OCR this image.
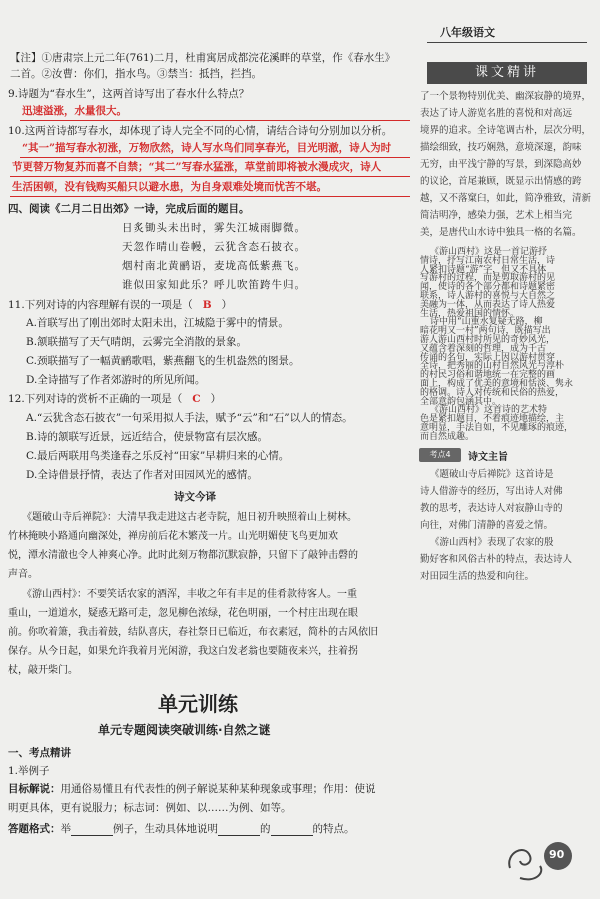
八年级语文
课文精讲
【注】①唐肃宗上元二年(761)二月，杜甫寓居成都浣花溪畔的草堂，作《春水生》
二首。②汝曹：你们，指水鸟。③禁当：抵挡，拦挡。
9.诗题为“春水生”，这两首诗写出了春水什么特点？
迅速溢涨，水量很大。
10.这两首诗都写春水，却体现了诗人完全不同的心情，请结合诗句分别加以分析。
“其一”描写春水初涨，万物欣然，诗人写水鸟们同享春光，目光明澈，诗人为时
节更替万物复苏而喜不自禁；“其二”写春水猛涨，草堂前即将被水漫成灾，诗人
生活困顿，没有钱购买船只以避水患，为自身艰难处境而忧苦不堪。
四、阅读《二月二日出郊》一诗，完成后面的题目。
日炙锄头未出时，雾失江城雨脚微。
天忽作晴山卷幔，云犹含态石披衣。
烟村南北黄鹂语，麦垅高低紫燕飞。
谁似田家知此乐？呼儿吹笛跨牛归。
11.下列对诗的内容理解有误的一项是（ B ）
A.首联写出了刚出郊时太阳未出，江城隐于雾中的情景。
B.颔联描写了天气晴朗，云雾完全消散的景象。
C.颈联描写了一幅黄鹂歌唱，紫燕翻飞的生机盎然的图景。
D.全诗描写了作者郊游时的所见所闻。
12.下列对诗的赏析不正确的一项是（ C ）
A.“云犹含态石披衣”一句采用拟人手法，赋予“云”和“石”以人的情态。
B.诗的颔联写近景，远近结合，使景物富有层次感。
C.最后两联用鸟类逢春之乐反衬“田家”早耕归来的心情。
D.全诗借景抒情，表达了作者对田园风光的感情。
诗文今译
《题破山寺后禅院》：大清早我走进这古老寺院，旭日初升映照着山上树林。
竹林掩映小路通向幽深处，禅房前后花木繁茂一片。山光明媚使飞鸟更加欢
悦，潭水清澈也令人神爽心净。此时此刻万物都沉默寂静，只留下了敲钟击磬的
声音。
《游山西村》：不要笑话农家的酒浑，丰收之年有丰足的佳肴款待客人。一重
重山，一道道水，疑惑无路可走，忽见柳色浓绿，花色明丽，一个村庄出现在眼
前。你吹着箫，我击着鼓，结队喜庆，春社祭日已临近，布衣素冠，简朴的古风依旧
保存。从今日起，如果允许我着月光闲游，我这白发老翁也要随夜来兴，拄着拐
杖，敲开柴门。
单元训练
单元专题阅读突破训练·自然之谜
一、考点精讲
1.举例子
目标解说：用通俗易懂且有代表性的例子解说某种某种现象或事理；作用：使说
明更具体，更有说服力；标志词：例如、以……为例、如等。
答题格式：举	例子，生动具体地说明	的	的特点。
了一个景物特别优美、幽深寂静的境界，
表达了诗人游览名胜的喜悦和对高远
境界的追求。全诗笔调古朴，层次分明，
描绘细致，技巧娴熟，意境深邃，韵味
无穷，由平浅宁静的写景，到深隐高妙
的议论，首尾兼顾，既显示出情感的跨
越，又不落窠臼，如此，简净雅致，清新
简洁明净，感染力强，艺术上相当完
美，是唐代山水诗中独具一格的名篇。
《游山西村》这是一首记游抒
情诗，抒写江南农村日常生活，诗
人紧扣诗题“游”字，但又不具体
写游村的过程，而是剪取游村的见
闻，使诗的各个部分都和诗题紧密
联系，诗人游村的喜悦与大自然之
美融为一体，从而表达了诗人热爱
生活，热爱祖国的情怀。
诗中用“山重水复疑无路，柳
暗花明又一村”两句诗，既描写出
游人游山西村时所见的奇妙风光，
又蕴含着深刻的哲理，成为千古
传诵的名句，实际上因以游村贯穿
全诗，把秀丽的山村自然风光与淳朴
的村民习俗和谐地统一在完整的画
面上，构成了优美的意境和恬淡、隽永
的格调。诗人对传统和民俗的热爱，
全部意韵包涵其中。
《游山西村》这首诗的艺术特
色是紧扣题目，不着痕迹地描绘，主
意明显，手法自如，不见雕琢的痕迹，
而自然成趣。
考点4	诗文主旨
《题破山寺后禅院》这首诗是
诗人借游寺的经历，写出诗人对佛
教的思考，表达诗人对寂静山寺的
向往，对佛门清静的喜爱之情。
《游山西村》表现了农家的殷
勤好客和风俗古朴的特点，表达诗人
对田园生活的热爱和向往。
90
